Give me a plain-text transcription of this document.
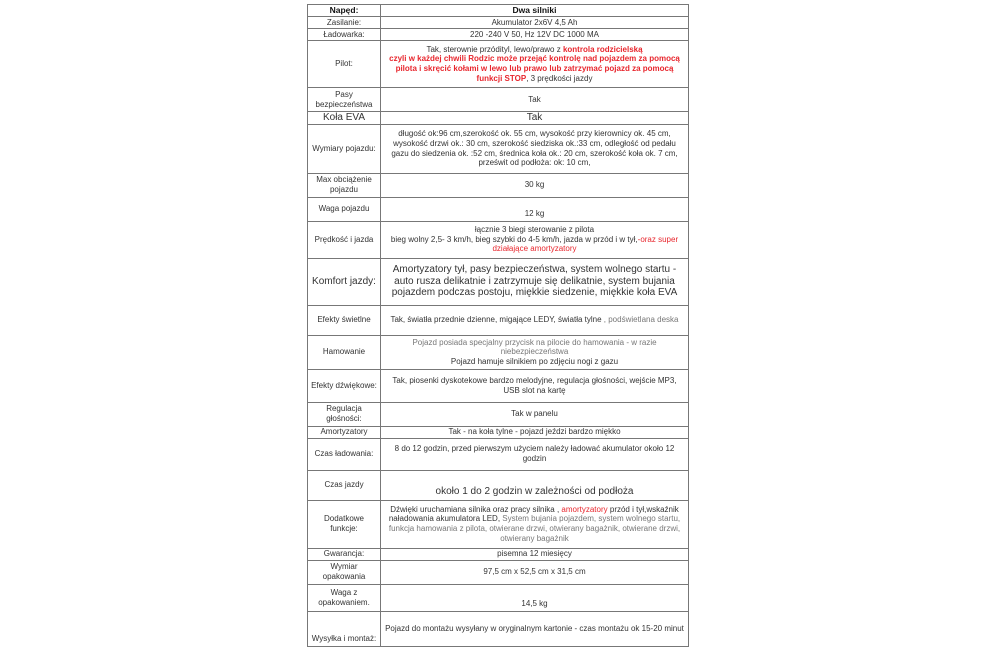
Napęd:	Dwa silniki
Zasilanie:	Akumulator 2x6V 4,5 Ah
Ładowarka:	220 -240 V 50, Hz 12V DC 1000 MA
Pilot:	Tak, sterownie przódityl, lewo/prawo z kontrola rodzicielską
czyli w każdej chwili Rodzic może przejąć kontrolę nad pojazdem za pomocą pilota i skręcić kołami w lewo lub prawo lub zatrzymać pojazd za pomocą funkcji STOP, 3 prędkości jazdy
Pasy bezpieczeństwa	Tak
Koła EVA	Tak
Wymiary pojazdu:	długość ok:96 cm,szerokość ok. 55 cm, wysokość przy kierownicy ok. 45 cm, wysokość drzwi ok.: 30 cm, szerokość siedziska ok.:33 cm, odległość od pedału gazu do siedzenia ok. :52 cm, średnica koła ok.: 20 cm, szerokość koła ok. 7 cm, prześwit od podłoża: ok: 10 cm,
Max obciążenie pojazdu	30 kg
Waga pojazdu	12 kg
Prędkość i jazda	łącznie 3 biegi sterowanie z pilota
bieg wolny 2,5- 3 km/h, bieg szybki do 4-5 km/h, jazda w przód i w tył,-oraz super działające amortyzatory
Komfort jazdy:	Amortyzatory tył, pasy bezpieczeństwa, system wolnego startu - auto rusza delikatnie i zatrzymuje się delikatnie, system bujania pojazdem podczas postoju, miękkie siedzenie, miękkie koła EVA
Efekty świetlne	Tak, światła przednie dzienne, migające LEDY, światła tylne , podświetlana deska
Hamowanie	Pojazd posiada specjalny przycisk na pilocie do hamowania - w razie niebezpieczeństwa
Pojazd hamuje silnikiem po zdjęciu nogi z gazu
Efekty dźwiękowe:	Tak, piosenki dyskotekowe bardzo melodyjne, regulacja głośności, wejście MP3, USB slot na kartę
Regulacja głośności:	Tak w panelu
Amortyzatory	Tak - na koła tylne - pojazd jeździ bardzo miękko
Czas ładowania:	8 do 12 godzin, przed pierwszym użyciem należy ładować akumulator około 12 godzin
Czas jazdy	około 1 do 2 godzin w zależności od podłoża
Dodatkowe funkcje:	Dźwięki uruchamiana silnika oraz pracy silnika , amortyzatory przód i tył,wskaźnik naładowania akumulatora LED, System bujania pojazdem, system wolnego startu, funkcja hamowania z pilota, otwierane drzwi, otwierany bagażnik, otwierane drzwi, otwierany bagażnik
Gwarancja:	pisemna 12 miesięcy
Wymiar opakowania	97,5 cm x 52,5 cm x 31,5 cm
Waga z opakowaniem.	14,5 kg
Wysyłka i montaż:	Pojazd do montażu wysyłany w oryginalnym kartonie - czas montażu ok 15-20 minut
